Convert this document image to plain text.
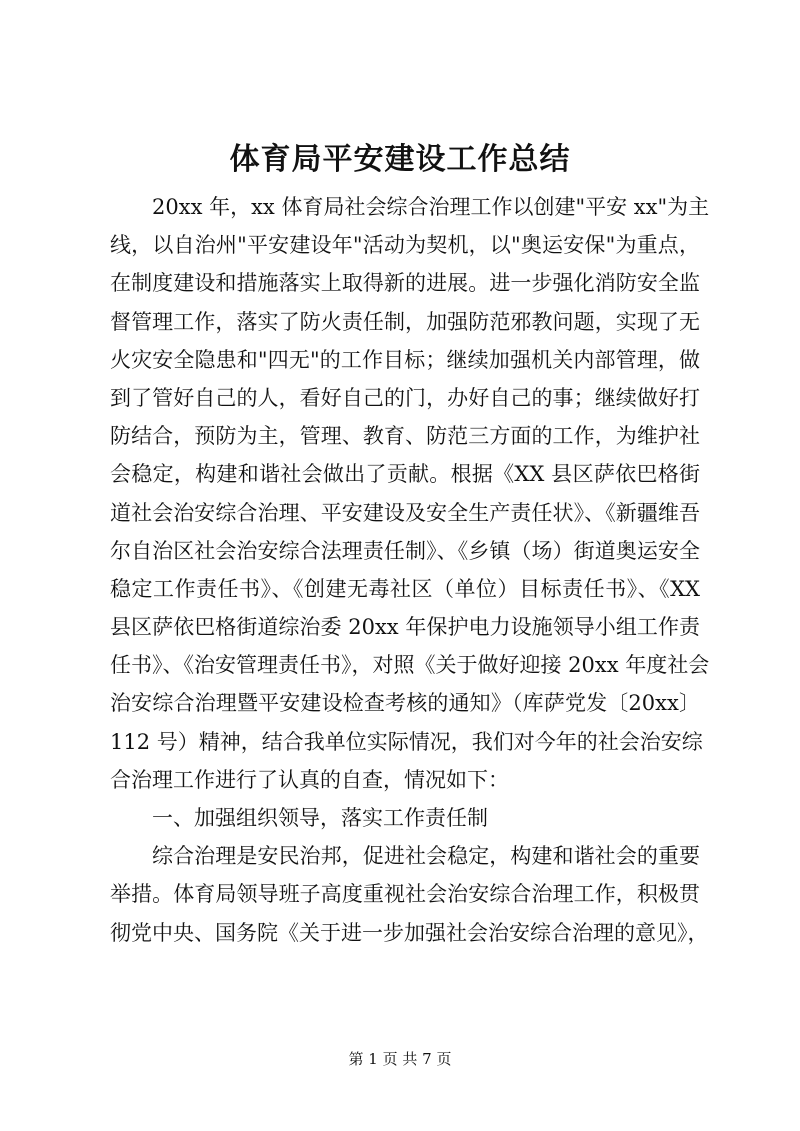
体育局平安建设工作总结
20xx 年，xx 体育局社会综合治理工作以创建"平安 xx"为主
线，以自治州"平安建设年"活动为契机，以"奥运安保"为重点，
在制度建设和措施落实上取得新的进展。进一步强化消防安全监
督管理工作，落实了防火责任制，加强防范邪教问题，实现了无
火灾安全隐患和"四无"的工作目标；继续加强机关内部管理，做
到了管好自己的人，看好自己的门，办好自己的事；继续做好打
防结合，预防为主，管理、教育、防范三方面的工作，为维护社
会稳定，构建和谐社会做出了贡献。根据《XX 县区萨依巴格街
道社会治安综合治理、平安建设及安全生产责任状》、《新疆维吾
尔自治区社会治安综合法理责任制》、《乡镇（场）街道奥运安全
稳定工作责任书》、《创建无毒社区（单位）目标责任书》、《XX
县区萨依巴格街道综治委 20xx 年保护电力设施领导小组工作责
任书》、《治安管理责任书》，对照《关于做好迎接 20xx 年度社会
治安综合治理暨平安建设检查考核的通知》（库萨党发〔20xx〕
112 号）精神，结合我单位实际情况，我们对今年的社会治安综
合治理工作进行了认真的自查，情况如下：
一、加强组织领导，落实工作责任制
综合治理是安民治邦，促进社会稳定，构建和谐社会的重要
举措。体育局领导班子高度重视社会治安综合治理工作，积极贯
彻党中央、国务院《关于进一步加强社会治安综合治理的意见》，
第 1 页 共 7 页
